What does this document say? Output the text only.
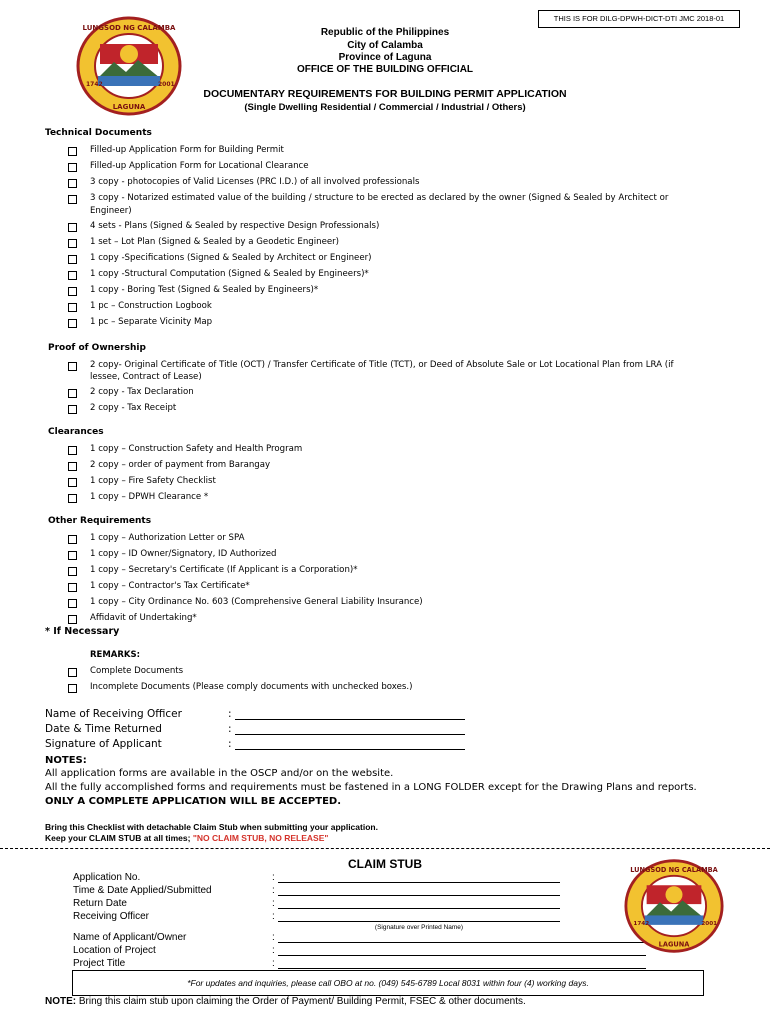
THIS IS FOR DILG-DPWH-DICT-DTI JMC 2018-01
LUNGSOD NG CALAMBA
LAGUNA
1742	2001
Republic of the Philippines
City of Calamba
Province of Laguna
OFFICE OF THE BUILDING OFFICIAL
DOCUMENTARY REQUIREMENTS FOR BUILDING PERMIT APPLICATION
(Single Dwelling Residential / Commercial / Industrial / Others)
Technical Documents
Filled-up Application Form for Building Permit
Filled-up Application Form for Locational Clearance
3 copy - photocopies of Valid Licenses (PRC I.D.) of all involved professionals
3 copy - Notarized estimated value of the building / structure to be erected as declared by the owner (Signed & Sealed by Architect or
Engineer)
4 sets - Plans (Signed & Sealed by respective Design Professionals)
1 set – Lot Plan (Signed & Sealed by a Geodetic Engineer)
1 copy -Specifications (Signed & Sealed by Architect or Engineer)
1 copy -Structural Computation (Signed & Sealed by Engineers)*
1 copy - Boring Test (Signed & Sealed by Engineers)*
1 pc – Construction Logbook
1 pc – Separate Vicinity Map
Proof of Ownership
2 copy- Original Certificate of Title (OCT) / Transfer Certificate of Title (TCT), or Deed of Absolute Sale or Lot Locational Plan from LRA (if
lessee, Contract of Lease)
2 copy - Tax Declaration
2 copy - Tax Receipt
Clearances
1 copy – Construction Safety and Health Program
2 copy – order of payment from Barangay
1 copy – Fire Safety Checklist
1 copy – DPWH Clearance *
Other Requirements
1 copy – Authorization Letter or SPA
1 copy – ID Owner/Signatory, ID Authorized
1 copy – Secretary's Certificate (If Applicant is a Corporation)*
1 copy – Contractor's Tax Certificate*
1 copy – City Ordinance No. 603 (Comprehensive General Liability Insurance)
Affidavit of Undertaking*
* If Necessary
REMARKS:
Complete Documents
Incomplete Documents (Please comply documents with unchecked boxes.)
Name of Receiving Officer	:
Date & Time Returned	:
Signature of Applicant	:
NOTES:
All application forms are available in the OSCP and/or on the website.
All the fully accomplished forms and requirements must be fastened in a LONG FOLDER except for the Drawing Plans and reports.
ONLY A COMPLETE APPLICATION WILL BE ACCEPTED.
Bring this Checklist with detachable Claim Stub when submitting your application.
Keep your CLAIM STUB at all times; "NO CLAIM STUB, NO RELEASE"
CLAIM STUB
Application No.	:
Time & Date Applied/Submitted	:
Return Date	:
Receiving Officer	:
(Signature over Printed Name)
Name of Applicant/Owner	:
Location of Project	:
Project Title	:
LUNGSOD NG CALAMBA
LAGUNA
1742	2001
*For updates and inquiries, please call OBO at no. (049) 545-6789 Local 8031 within four (4) working days.
NOTE: Bring this claim stub upon claiming the Order of Payment/ Building Permit, FSEC & other documents.
